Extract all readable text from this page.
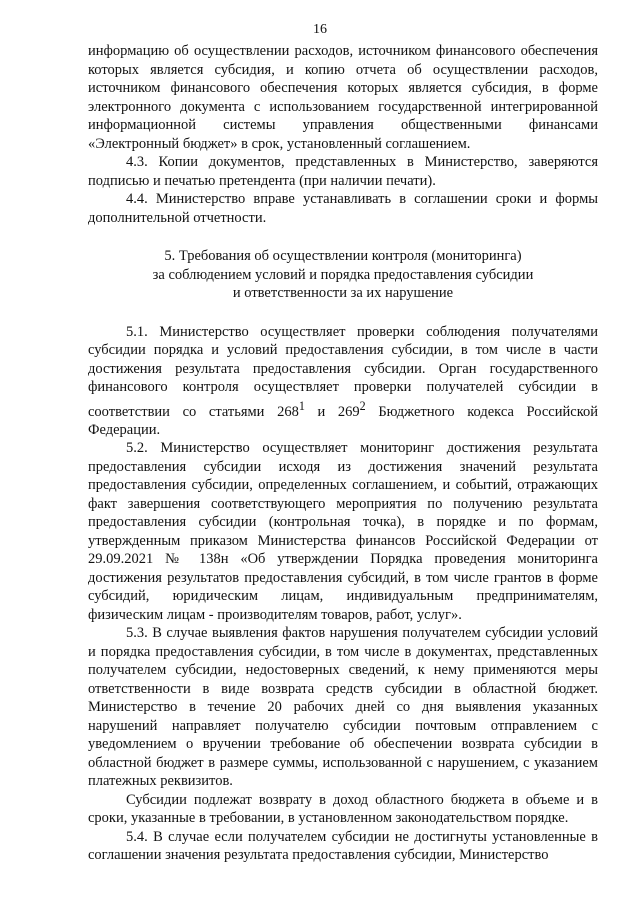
16

информацию об осуществлении расходов, источником финансового обеспечения которых является субсидия, и копию отчета об осуществлении расходов, источником финансового обеспечения которых является субсидия, в форме электронного документа с использованием государственной интегрированной информационной системы управления общественными финансами «Электронный бюджет» в срок, установленный соглашением.

4.3. Копии документов, представленных в Министерство, заверяются подписью и печатью претендента (при наличии печати).

4.4. Министерство вправе устанавливать в соглашении сроки и формы дополнительной отчетности.

5. Требования об осуществлении контроля (мониторинга)
за соблюдением условий и порядка предоставления субсидии
и ответственности за их нарушение

5.1. Министерство осуществляет проверки соблюдения получателями субсидии порядка и условий предоставления субсидии, в том числе в части достижения результата предоставления субсидии. Орган государственного финансового контроля осуществляет проверки получателей субсидии в соответствии со статьями $268^1$ и $269^2$ Бюджетного кодекса Российской Федерации.

5.2. Министерство осуществляет мониторинг достижения результата предоставления субсидии исходя из достижения значений результата предоставления субсидии, определенных соглашением, и событий, отражающих факт завершения соответствующего мероприятия по получению результата предоставления субсидии (контрольная точка), в порядке и по формам, утвержденным приказом Министерства финансов Российской Федерации от 29.09.2021 № 138н «Об утверждении Порядка проведения мониторинга достижения результатов предоставления субсидий, в том числе грантов в форме субсидий, юридическим лицам, индивидуальным предпринимателям, физическим лицам - производителям товаров, работ, услуг».

5.3. В случае выявления фактов нарушения получателем субсидии условий и порядка предоставления субсидии, в том числе в документах, представленных получателем субсидии, недостоверных сведений, к нему применяются меры ответственности в виде возврата средств субсидии в областной бюджет. Министерство в течение 20 рабочих дней со дня выявления указанных нарушений направляет получателю субсидии почтовым отправлением с уведомлением о вручении требование об обеспечении возврата субсидии в областной бюджет в размере суммы, использованной с нарушением, с указанием платежных реквизитов.

Субсидии подлежат возврату в доход областного бюджета в объеме и в сроки, указанные в требовании, в установленном законодательством порядке.

5.4. В случае если получателем субсидии не достигнуты установленные в соглашении значения результата предоставления субсидии, Министерство
